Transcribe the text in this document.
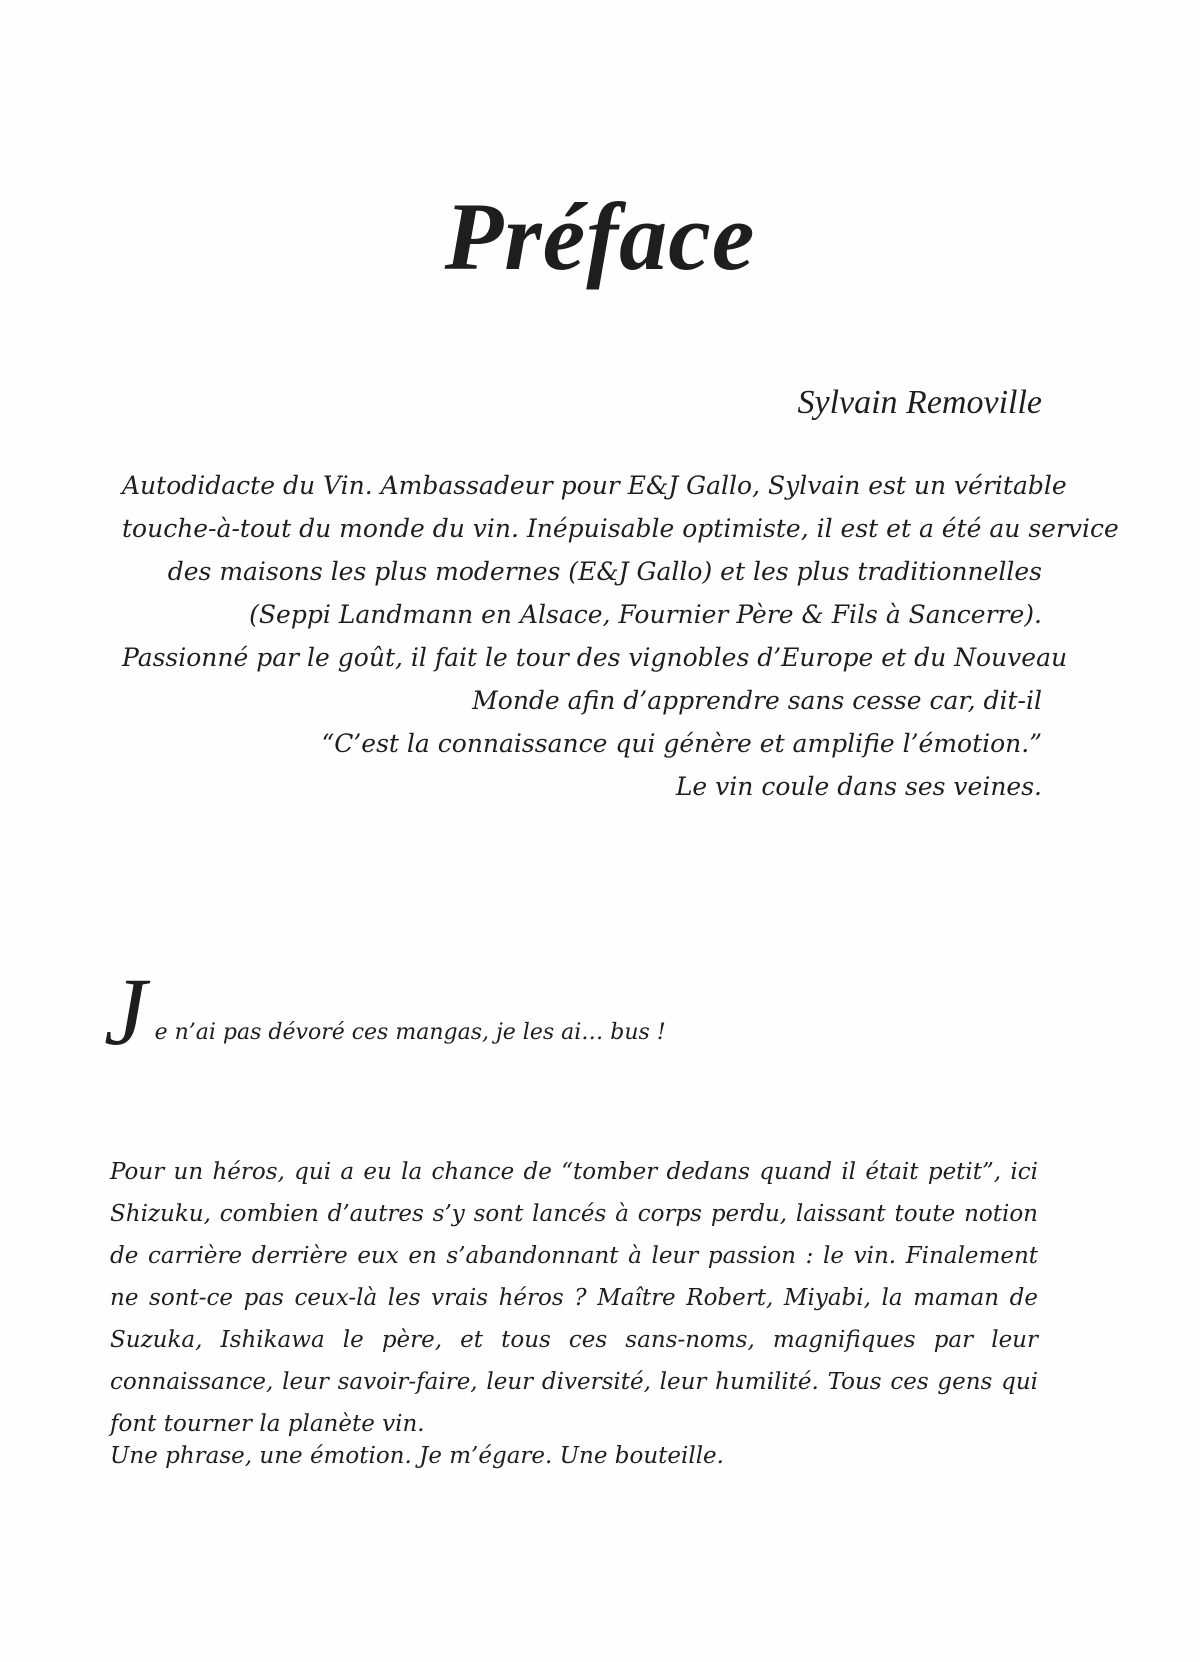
Préface
Sylvain Removille
Autodidacte du Vin. Ambassadeur pour E&J Gallo, Sylvain est un véritable
touche-à-tout du monde du vin. Inépuisable optimiste, il est et a été au service
des maisons les plus modernes (E&J Gallo) et les plus traditionnelles
(Seppi Landmann en Alsace, Fournier Père & Fils à Sancerre).
Passionné par le goût, il fait le tour des vignobles d’Europe et du Nouveau
Monde afin d’apprendre sans cesse car, dit-il
“C’est la connaissance qui génère et amplifie l’émotion.”
Le vin coule dans ses veines.
J e n’ai pas dévoré ces mangas, je les ai… bus !

Pour un héros, qui a eu la chance de “tomber dedans quand il était petit”, ici Shizuku, combien d’autres s’y sont lancés à corps perdu, laissant toute notion de carrière derrière eux en s’abandonnant à leur passion : le vin. Finalement ne sont-ce pas ceux-là les vrais héros ? Maître Robert, Miyabi, la maman de Suzuka, Ishikawa le père, et tous ces sans-noms, magnifiques par leur connaissance, leur savoir-faire, leur diversité, leur humilité. Tous ces gens qui font tourner la planète vin.

Une phrase, une émotion. Je m’égare. Une bouteille.
